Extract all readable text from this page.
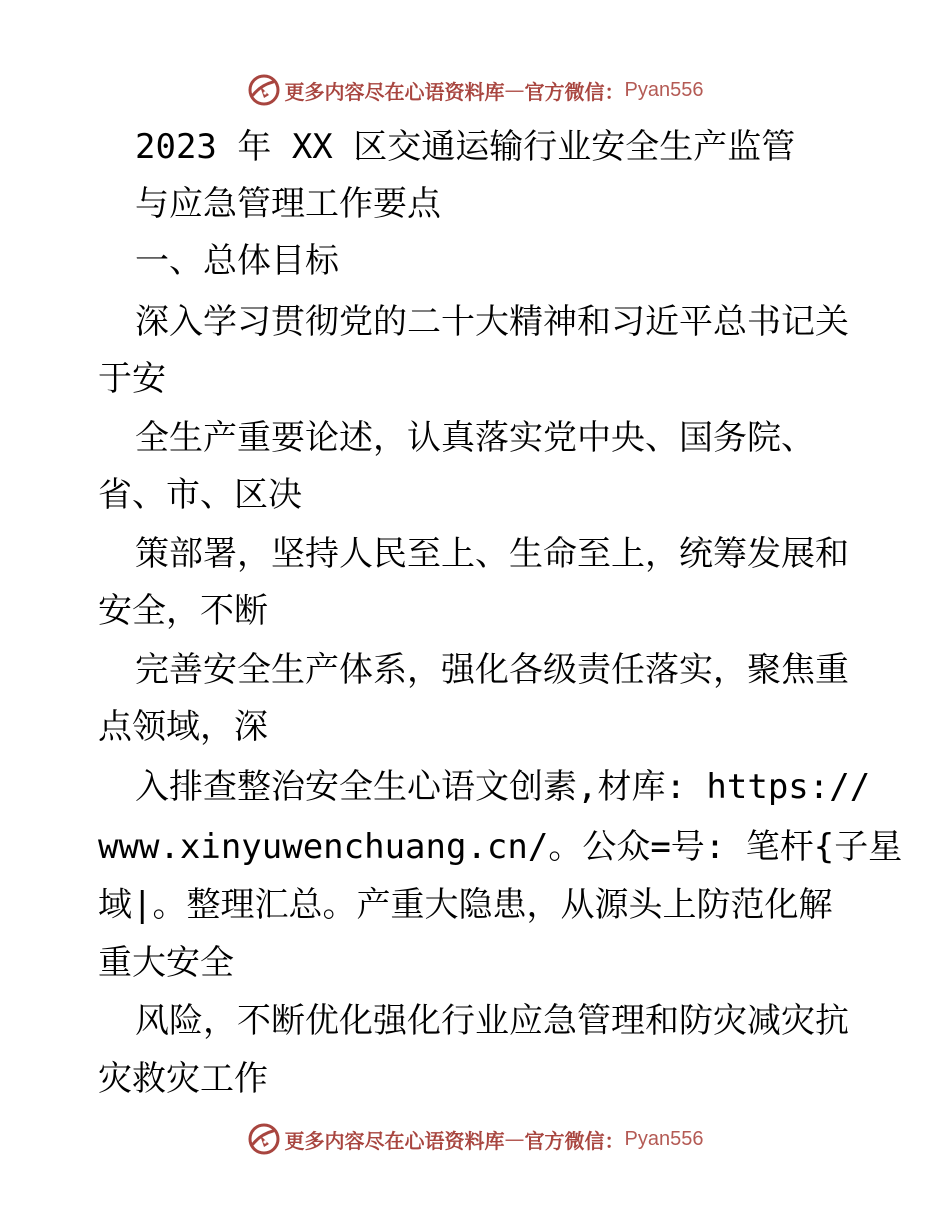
更多内容尽在心语资料库 — 官方微信： Pyan556
2023 年 XX 区交通运输行业安全生产监管
与应急管理工作要点
一、总体目标
深入学习贯彻党的二十大精神和习近平总书记关
于安
全生产重要论述，认真落实党中央、国务院、
省、市、区决
策部署，坚持人民至上、生命至上，统筹发展和
安全，不断
完善安全生产体系，强化各级责任落实，聚焦重
点领域，深
入排查整治安全生心语文创素,材库: https://
www.xinyuwenchuang.cn/。公众=号: 笔杆{子星
域|。整理汇总。产重大隐患，从源头上防范化解
重大安全
风险，不断优化强化行业应急管理和防灾减灾抗
灾救灾工作
更多内容尽在心语资料库 — 官方微信： Pyan556
